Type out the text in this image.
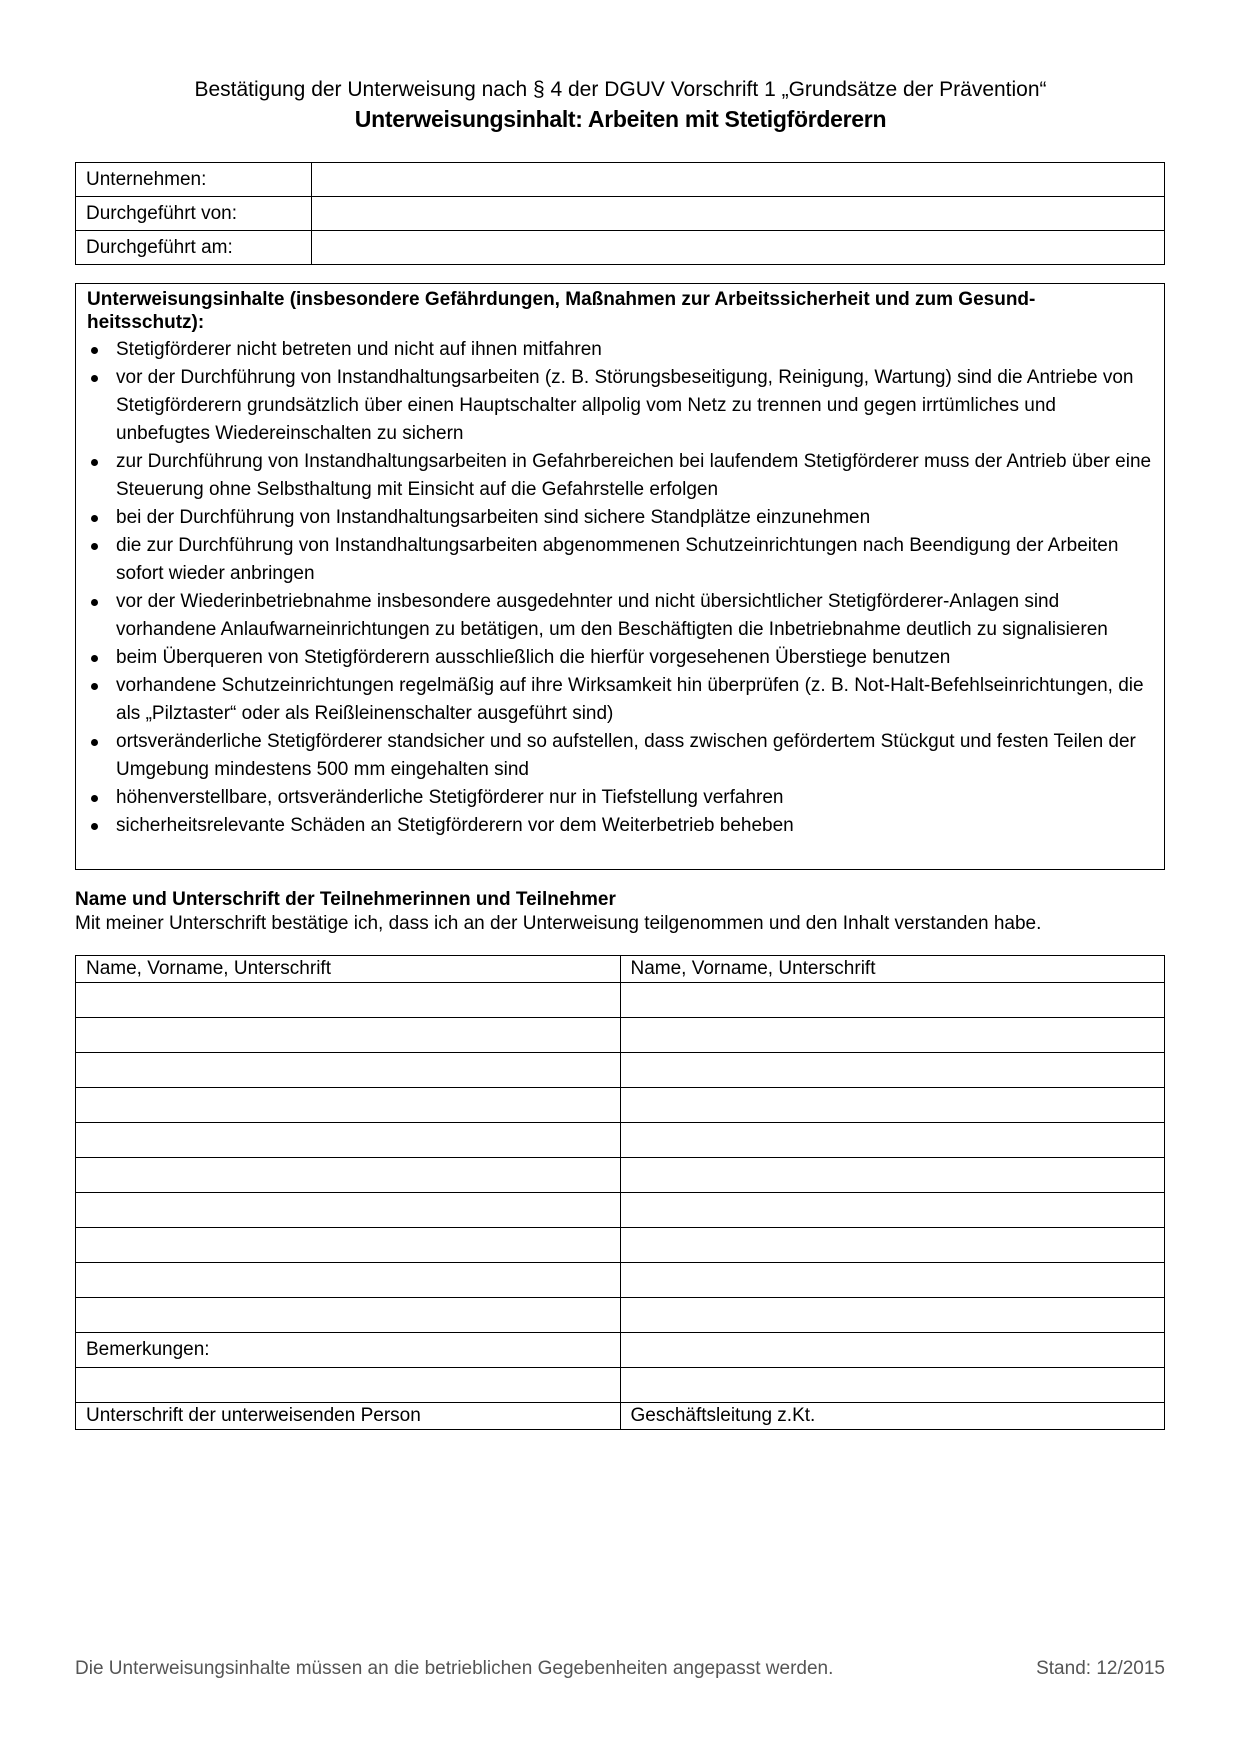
Bestätigung der Unterweisung nach § 4 der DGUV Vorschrift 1 „Grundsätze der Prävention“
Unterweisungsinhalt: Arbeiten mit Stetigförderern
Unternehmen:	
Durchgeführt von:	
Durchgeführt am:	
Unterweisungsinhalte (insbesondere Gefährdungen, Maßnahmen zur Arbeitssicherheit und zum Gesund-
heitsschutz):
Stetigförderer nicht betreten und nicht auf ihnen mitfahren
vor der Durchführung von Instandhaltungsarbeiten (z. B. Störungsbeseitigung, Reinigung, Wartung) sind die Antriebe von Stetigförderern grundsätzlich über einen Hauptschalter allpolig vom Netz zu trennen und gegen irrtümliches und unbefugtes Wiedereinschalten zu sichern
zur Durchführung von Instandhaltungsarbeiten in Gefahrbereichen bei laufendem Stetigförderer muss der Antrieb über eine Steuerung ohne Selbsthaltung mit Einsicht auf die Gefahrstelle erfolgen
bei der Durchführung von Instandhaltungsarbeiten sind sichere Standplätze einzunehmen
die zur Durchführung von Instandhaltungsarbeiten abgenommenen Schutzeinrichtungen nach Beendigung der Arbeiten sofort wieder anbringen
vor der Wiederinbetriebnahme insbesondere ausgedehnter und nicht übersichtlicher Stetigförderer-Anlagen sind vorhandene Anlaufwarneinrichtungen zu betätigen, um den Beschäftigten die Inbetriebnahme deutlich zu signalisieren
beim Überqueren von Stetigförderern ausschließlich die hierfür vorgesehenen Überstiege benutzen
vorhandene Schutzeinrichtungen regelmäßig auf ihre Wirksamkeit hin überprüfen (z. B. Not-Halt-Befehlseinrichtungen, die als „Pilztaster“ oder als Reißleinenschalter ausgeführt sind)
ortsveränderliche Stetigförderer standsicher und so aufstellen, dass zwischen gefördertem Stückgut und festen Teilen der Umgebung mindestens 500 mm eingehalten sind
höhenverstellbare, ortsveränderliche Stetigförderer nur in Tiefstellung verfahren
sicherheitsrelevante Schäden an Stetigförderern vor dem Weiterbetrieb beheben
Name und Unterschrift der Teilnehmerinnen und Teilnehmer
Mit meiner Unterschrift bestätige ich, dass ich an der Unterweisung teilgenommen und den Inhalt verstanden habe.
Name, Vorname, Unterschrift	Name, Vorname, Unterschrift

Bemerkungen:	

Unterschrift der unterweisenden Person	Geschäftsleitung z.Kt.
Die Unterweisungsinhalte müssen an die betrieblichen Gegebenheiten angepasst werden.	Stand: 12/2015
